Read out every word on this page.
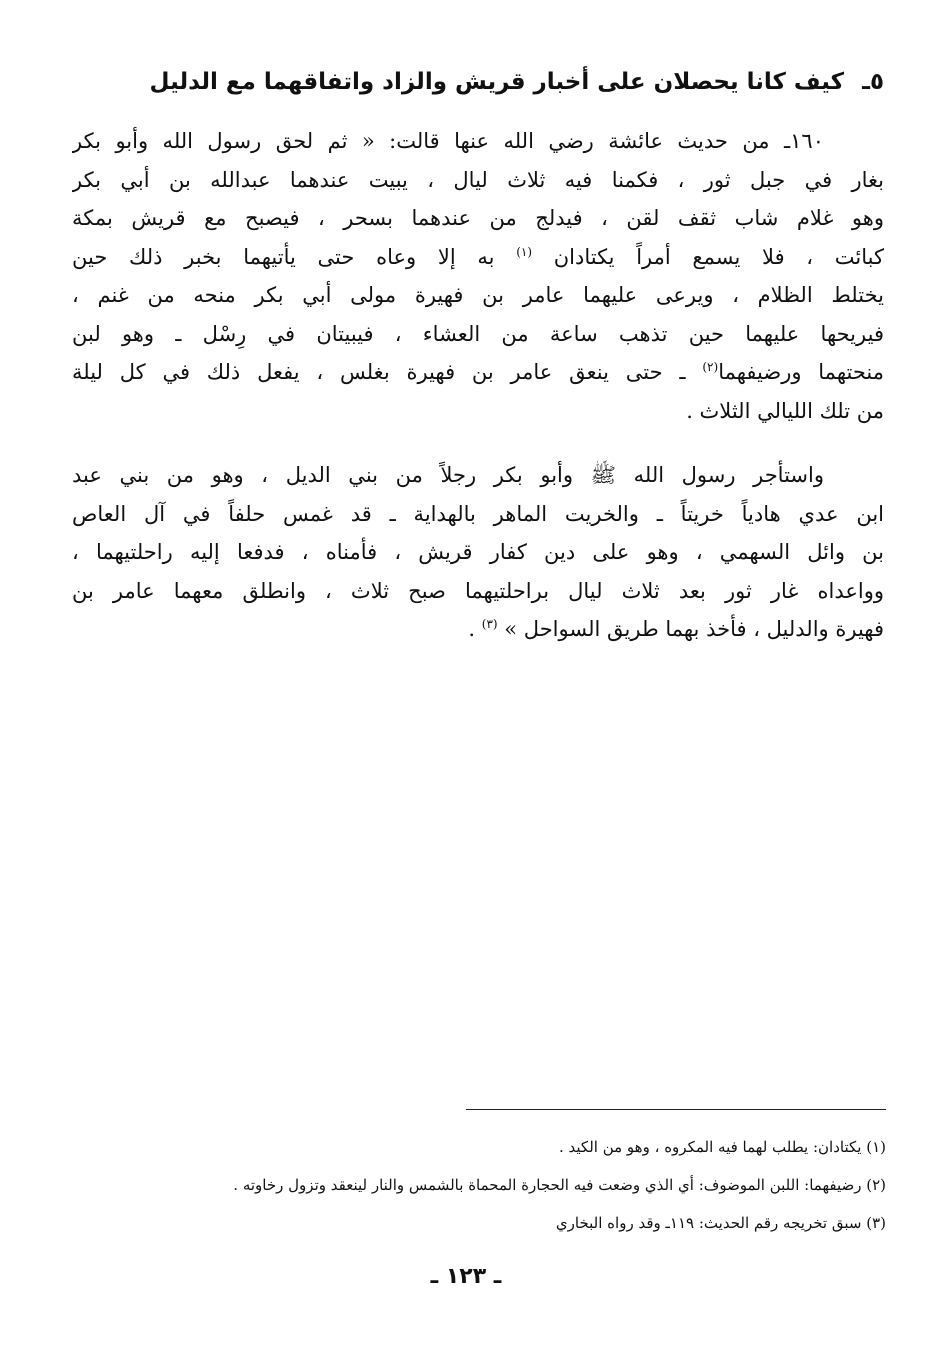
٥ـ كيف كانا يحصلان على أخبار قريش والزاد واتفاقهما مع الدليل
١٦٠ـ من حديث عائشة رضي الله عنها قالت: « ثم لحق رسول الله وأبو بكر
بغار في جبل ثور ، فكمنا فيه ثلاث ليال ، يبيت عندهما عبدالله بن أبي بكر
وهو غلام شاب ثقف لقن ، فيدلج من عندهما بسحر ، فيصبح مع قريش بمكة
كبائت ، فلا يسمع أمراً يكتادان $^{(١)}$ به إلا وعاه حتى يأتيهما بخبر ذلك حين
يختلط الظلام ، ويرعى عليهما عامر بن فهيرة مولى أبي بكر منحه من غنم ،
فيريحها عليهما حين تذهب ساعة من العشاء ، فيبيتان في رِسْل ـ وهو لبن
منحتهما ورضيفهما$^{(٢)}$ ـ حتى ينعق عامر بن فهيرة بغلس ، يفعل ذلك في كل ليلة
من تلك الليالي الثلاث .
واستأجر رسول الله ﷺ وأبو بكر رجلاً من بني الديل ، وهو من بني عبد
ابن عدي هادياً خريتاً ـ والخريت الماهر بالهداية ـ قد غمس حلفاً في آل العاص
بن وائل السهمي ، وهو على دين كفار قريش ، فأمناه ، فدفعا إليه راحلتيهما ،
وواعداه غار ثور بعد ثلاث ليال براحلتيهما صبح ثلاث ، وانطلق معهما عامر بن
فهيرة والدليل ، فأخذ بهما طريق السواحل » $^{(٣)}$ .
(١) يكتادان: يطلب لهما فيه المكروه ، وهو من الكيد .
(٢) رضيفهما: اللبن الموضوف: أي الذي وضعت فيه الحجارة المحماة بالشمس والنار لينعقد وتزول رخاوته .
(٣) سبق تخريجه رقم الحديث: ١١٩ـ وقد رواه البخاري
ـ ١٢٣ ـ
